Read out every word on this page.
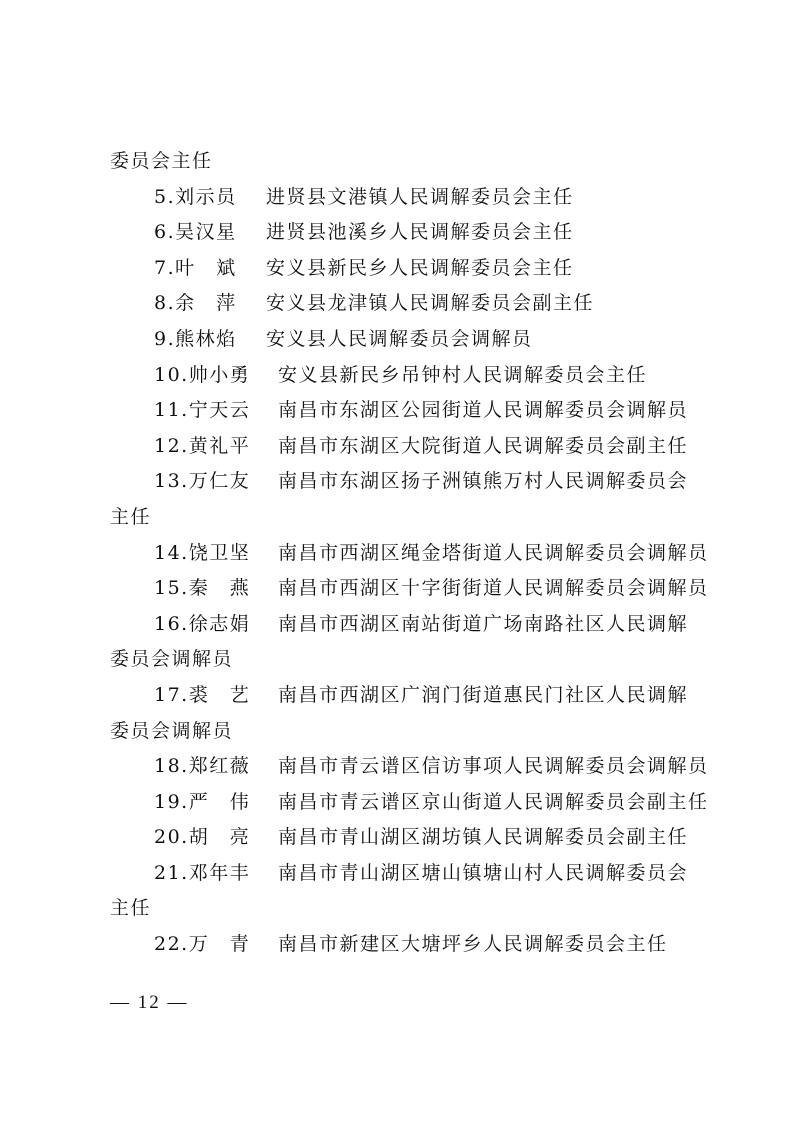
委员会主任
5.刘示员 进贤县文港镇人民调解委员会主任
6.吴汉星 进贤县池溪乡人民调解委员会主任
7.叶　斌 安义县新民乡人民调解委员会主任
8.余　萍 安义县龙津镇人民调解委员会副主任
9.熊林焰 安义县人民调解委员会调解员
10.帅小勇 安义县新民乡吊钟村人民调解委员会主任
11.宁天云 南昌市东湖区公园街道人民调解委员会调解员
12.黄礼平 南昌市东湖区大院街道人民调解委员会副主任
13.万仁友 南昌市东湖区扬子洲镇熊万村人民调解委员会
主任
14.饶卫坚 南昌市西湖区绳金塔街道人民调解委员会调解员
15.秦　燕 南昌市西湖区十字街街道人民调解委员会调解员
16.徐志娟 南昌市西湖区南站街道广场南路社区人民调解
委员会调解员
17.裘　艺 南昌市西湖区广润门街道惠民门社区人民调解
委员会调解员
18.郑红薇 南昌市青云谱区信访事项人民调解委员会调解员
19.严　伟 南昌市青云谱区京山街道人民调解委员会副主任
20.胡　亮 南昌市青山湖区湖坊镇人民调解委员会副主任
21.邓年丰 南昌市青山湖区塘山镇塘山村人民调解委员会
主任
22.万　青 南昌市新建区大塘坪乡人民调解委员会主任
— 12 —
